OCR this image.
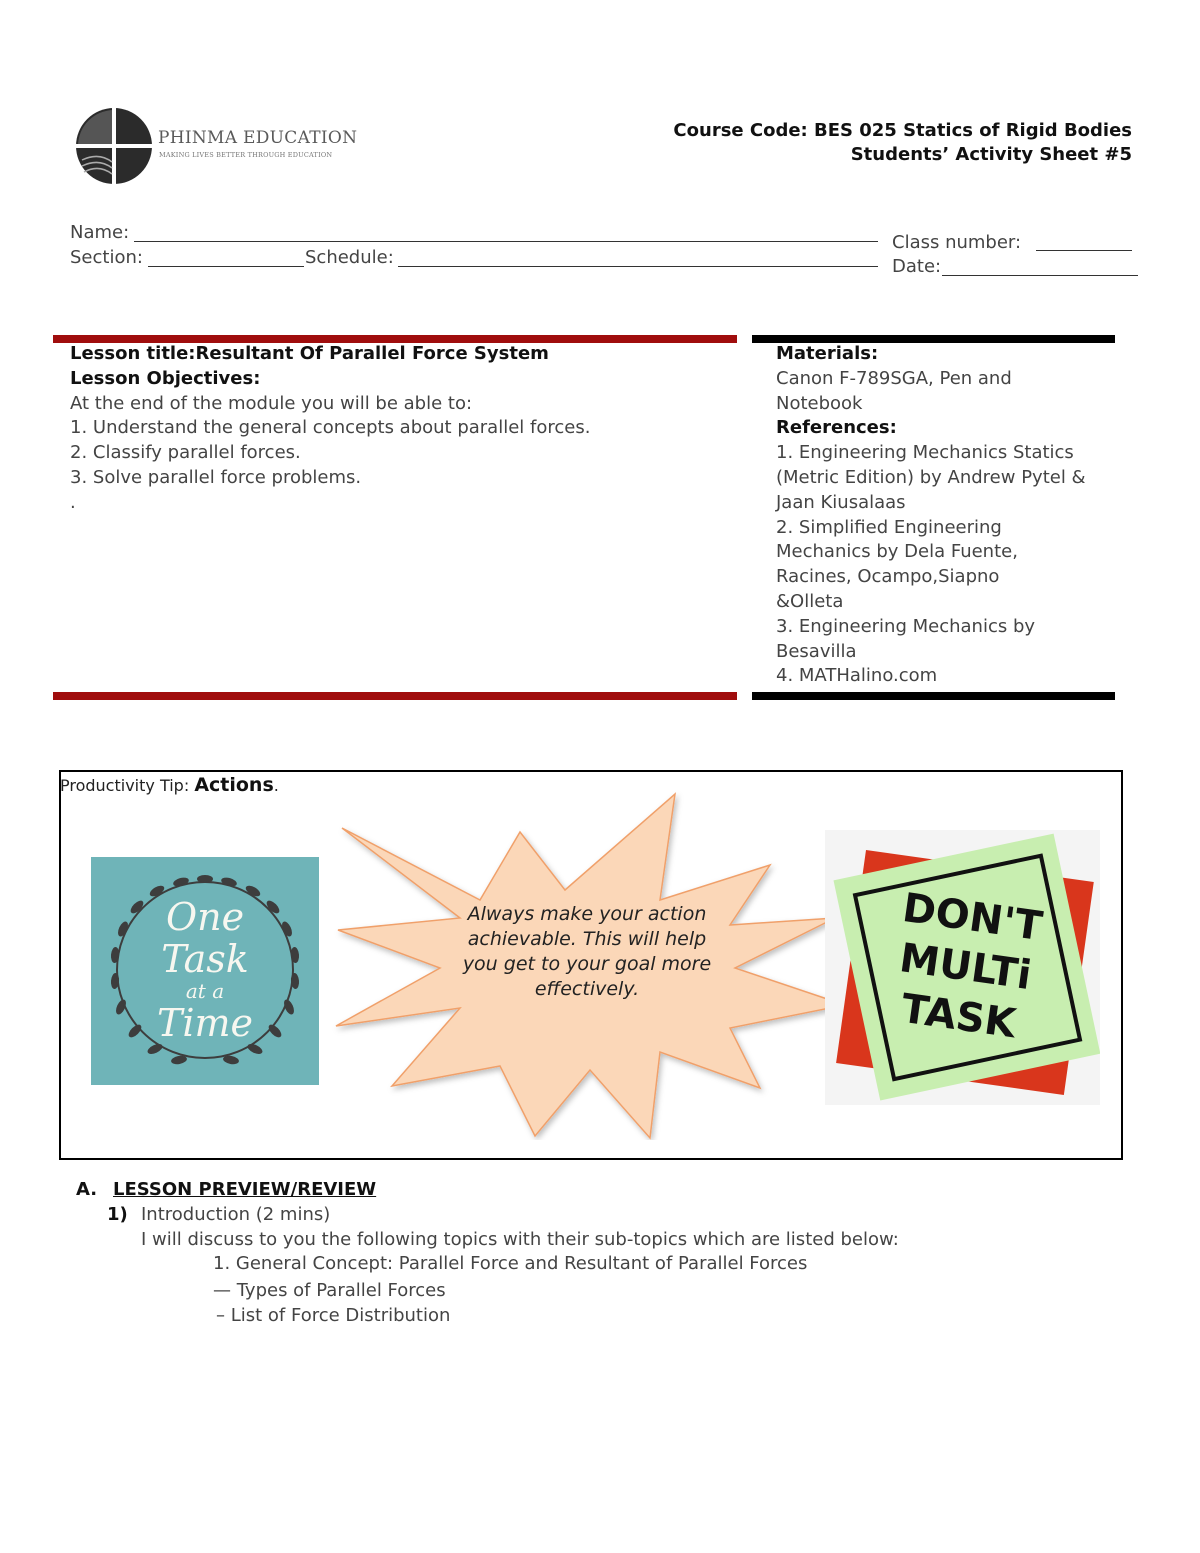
PHINMA EDUCATION
MAKING LIVES BETTER THROUGH EDUCATION
Course Code: BES 025 Statics of Rigid Bodies
Students’ Activity Sheet #5
Name:
Section:	Schedule:
Class number:
Date:
Lesson title:Resultant Of Parallel Force System
Lesson Objectives:
At the end of the module you will be able to:
1. Understand the general concepts about parallel forces.
2. Classify parallel forces.
3. Solve parallel force problems.
.
Materials:
Canon F-789SGA, Pen and
Notebook
References:
1. Engineering Mechanics Statics
(Metric Edition) by Andrew Pytel &
Jaan Kiusalaas
2. Simplified Engineering
Mechanics by Dela Fuente,
Racines, Ocampo,Siapno
&Olleta
3. Engineering Mechanics by
Besavilla
4. MATHalino.com
Productivity Tip: Actions.
One
Task
at a
Time
Always make your action achievable. This will help you get to your goal more effectively.
DON'T
MULTi
TASK
A. LESSON PREVIEW/REVIEW
1) Introduction (2 mins)
I will discuss to you the following topics with their sub-topics which are listed below:
1. General Concept: Parallel Force and Resultant of Parallel Forces
— Types of Parallel Forces
– List of Force Distribution
